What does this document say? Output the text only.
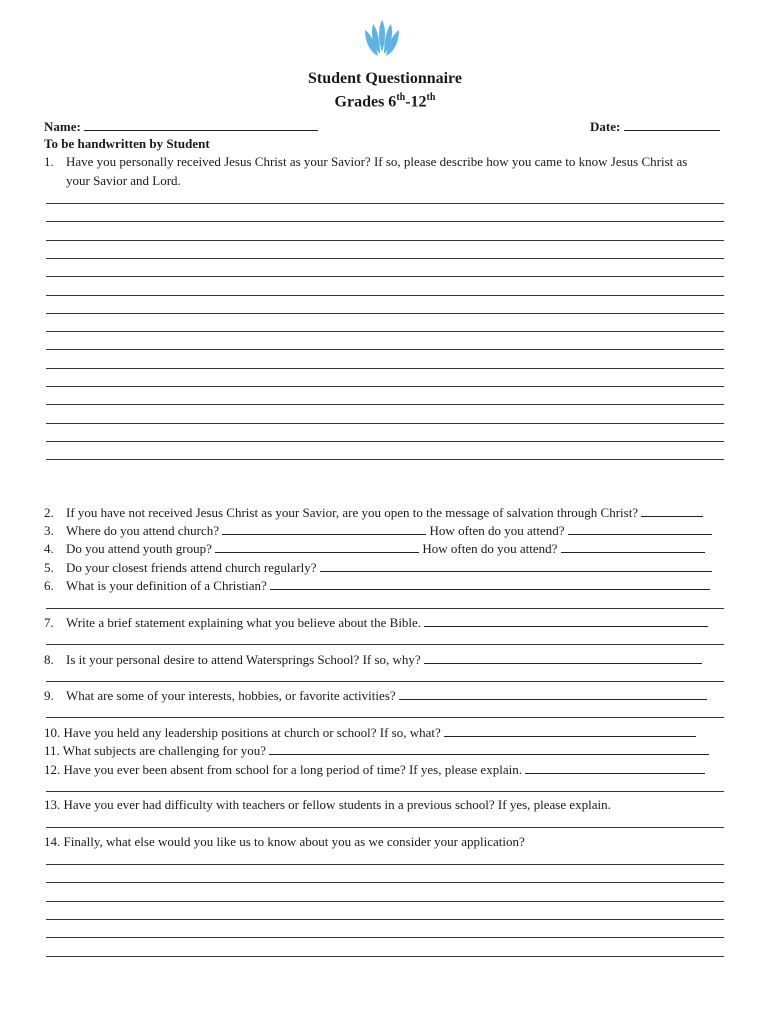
Student Questionnaire
Grades 6th-12th
Name:	Date:
To be handwritten by Student
1. Have you personally received Jesus Christ as your Savior? If so, please describe how you came to know Jesus Christ as
your Savior and Lord.
2. If you have not received Jesus Christ as your Savior, are you open to the message of salvation through Christ?
3. Where do you attend church?	How often do you attend?
4. Do you attend youth group?	How often do you attend?
5. Do your closest friends attend church regularly?
6. What is your definition of a Christian?
7. Write a brief statement explaining what you believe about the Bible.
8. Is it your personal desire to attend Watersprings School? If so, why?
9. What are some of your interests, hobbies, or favorite activities?
10. Have you held any leadership positions at church or school? If so, what?
11. What subjects are challenging for you?
12. Have you ever been absent from school for a long period of time? If yes, please explain.
13. Have you ever had difficulty with teachers or fellow students in a previous school? If yes, please explain.
14. Finally, what else would you like us to know about you as we consider your application?
